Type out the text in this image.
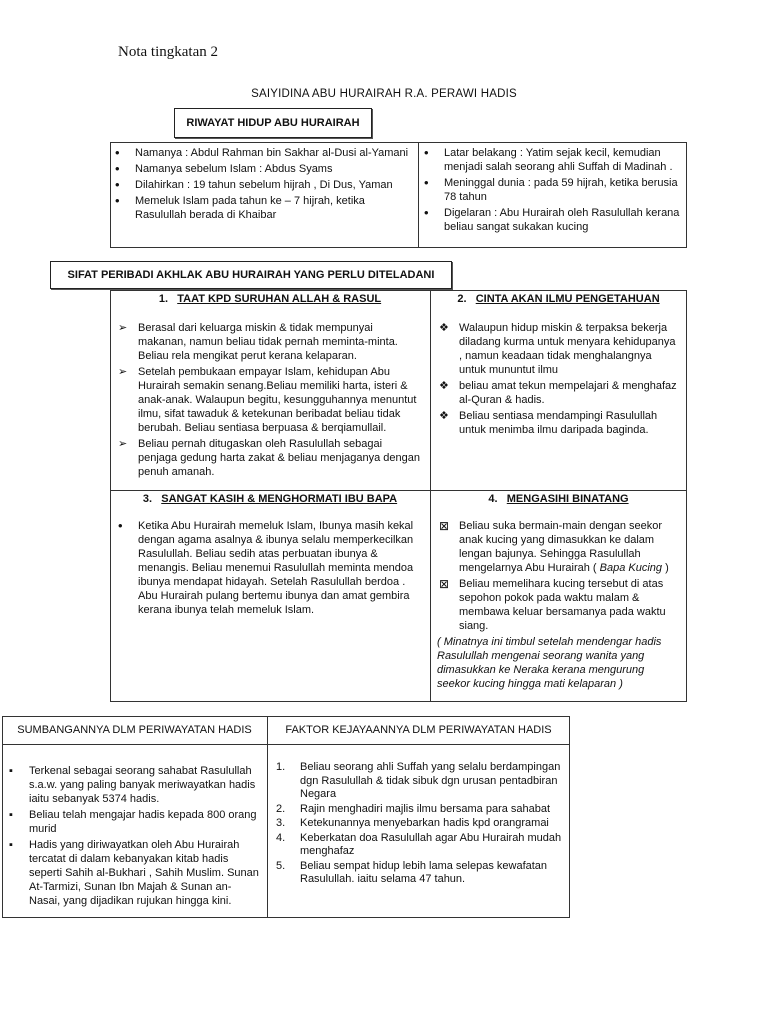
Nota tingkatan 2
SAIYIDINA ABU HURAIRAH R.A. PERAWI HADIS
RIWAYAT HIDUP ABU HURAIRAH
•
Namanya : Abdul Rahman bin Sakhar al-Dusi al-Yamani
•
Namanya sebelum Islam : Abdus Syams
•
Dilahirkan : 19 tahun sebelum hijrah , Di Dus, Yaman
•
Memeluk Islam pada tahun ke – 7 hijrah, ketika Rasulullah berada di Khaibar
•
Latar belakang : Yatim sejak kecil, kemudian menjadi salah seorang ahli Suffah di Madinah .
•
Meninggal dunia : pada 59 hijrah, ketika berusia 78 tahun
•
Digelaran : Abu Hurairah oleh Rasulullah kerana beliau sangat sukakan kucing
SIFAT PERIBADI AKHLAK ABU HURAIRAH YANG PERLU DITELADANI
1. TAAT KPD SURUHAN ALLAH & RASUL
➢
Berasal dari keluarga miskin & tidak mempunyai makanan, namun beliau tidak pernah meminta-minta. Beliau rela mengikat perut kerana kelaparan.
➢
Setelah pembukaan empayar Islam, kehidupan Abu Hurairah semakin senang.Beliau memiliki harta, isteri & anak-anak. Walaupun begitu, kesungguhannya menuntut ilmu, sifat tawaduk & ketekunan beribadat beliau tidak berubah. Beliau sentiasa berpuasa & berqiamullail.
➢
Beliau pernah ditugaskan oleh Rasulullah sebagai penjaga gedung harta zakat & beliau menjaganya dengan penuh amanah.
2. CINTA AKAN ILMU PENGETAHUAN
❖
Walaupun hidup miskin & terpaksa bekerja diladang kurma untuk menyara kehidupanya , namun keadaan tidak menghalangnya untuk mununtut ilmu
❖
beliau amat tekun mempelajari & menghafaz al-Quran & hadis.
❖
Beliau sentiasa mendampingi Rasulullah untuk menimba ilmu daripada baginda.
3. SANGAT KASIH & MENGHORMATI IBU BAPA
•
Ketika Abu Hurairah memeluk Islam, Ibunya masih kekal dengan agama asalnya & ibunya selalu memperkecilkan Rasulullah. Beliau sedih atas perbuatan ibunya & menangis. Beliau menemui Rasulullah meminta mendoa ibunya mendapat hidayah. Setelah Rasulullah berdoa . Abu Hurairah pulang bertemu ibunya dan amat gembira kerana ibunya telah memeluk Islam.
4. MENGASIHI BINATANG
⊠
Beliau suka bermain-main dengan seekor anak kucing yang dimasukkan ke dalam lengan bajunya. Sehingga Rasulullah mengelarnya Abu Hurairah ( Bapa Kucing )
⊠
Beliau memelihara kucing tersebut di atas sepohon pokok pada waktu malam & membawa keluar bersamanya pada waktu siang.
( Minatnya ini timbul setelah mendengar hadis Rasulullah mengenai seorang wanita yang dimasukkan ke Neraka kerana mengurung seekor kucing hingga mati kelaparan )
SUMBANGANNYA DLM PERIWAYATAN HADIS	FAKTOR KEJAYAANNYA DLM PERIWAYATAN HADIS
▪
Terkenal sebagai seorang sahabat Rasulullah s.a.w. yang paling banyak meriwayatkan hadis iaitu sebanyak 5374 hadis.
▪
Beliau telah mengajar hadis kepada 800 orang murid
▪
Hadis yang diriwayatkan oleh Abu Hurairah tercatat di dalam kebanyakan kitab hadis seperti Sahih al-Bukhari , Sahih Muslim. Sunan At-Tarmizi, Sunan Ibn Majah & Sunan an-Nasai, yang dijadikan rujukan hingga kini.
1. Beliau seorang ahli Suffah yang selalu berdampingan dgn Rasulullah & tidak sibuk dgn urusan pentadbiran Negara
2. Rajin menghadiri majlis ilmu bersama para sahabat
3. Ketekunannya menyebarkan hadis kpd orangramai
4. Keberkatan doa Rasulullah agar Abu Hurairah mudah menghafaz
5. Beliau sempat hidup lebih lama selepas kewafatan Rasulullah. iaitu selama 47 tahun.
